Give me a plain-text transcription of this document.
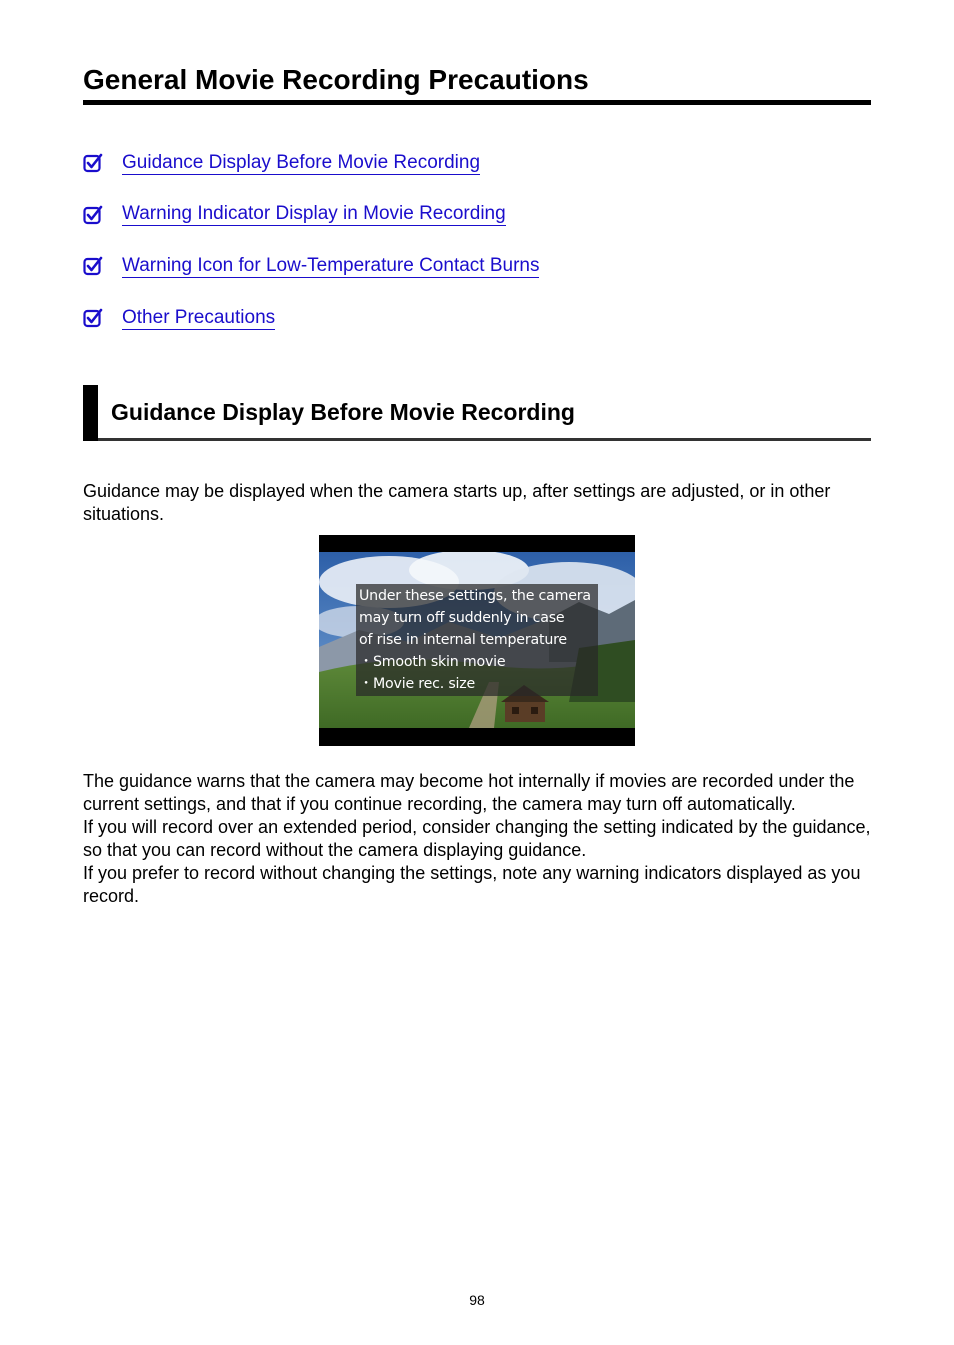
General Movie Recording Precautions
Guidance Display Before Movie Recording
Warning Indicator Display in Movie Recording
Warning Icon for Low-Temperature Contact Burns
Other Precautions
Guidance Display Before Movie Recording

Guidance may be displayed when the camera starts up, after settings are adjusted, or in other situations.

Under these settings, the camera
may turn off suddenly in case
of rise in internal temperature
・Smooth skin movie
・Movie rec. size

The guidance warns that the camera may become hot internally if movies are recorded under the current settings, and that if you continue recording, the camera may turn off automatically.

If you will record over an extended period, consider changing the setting indicated by the guidance, so that you can record without the camera displaying guidance.

If you prefer to record without changing the settings, note any warning indicators displayed as you record.

98
